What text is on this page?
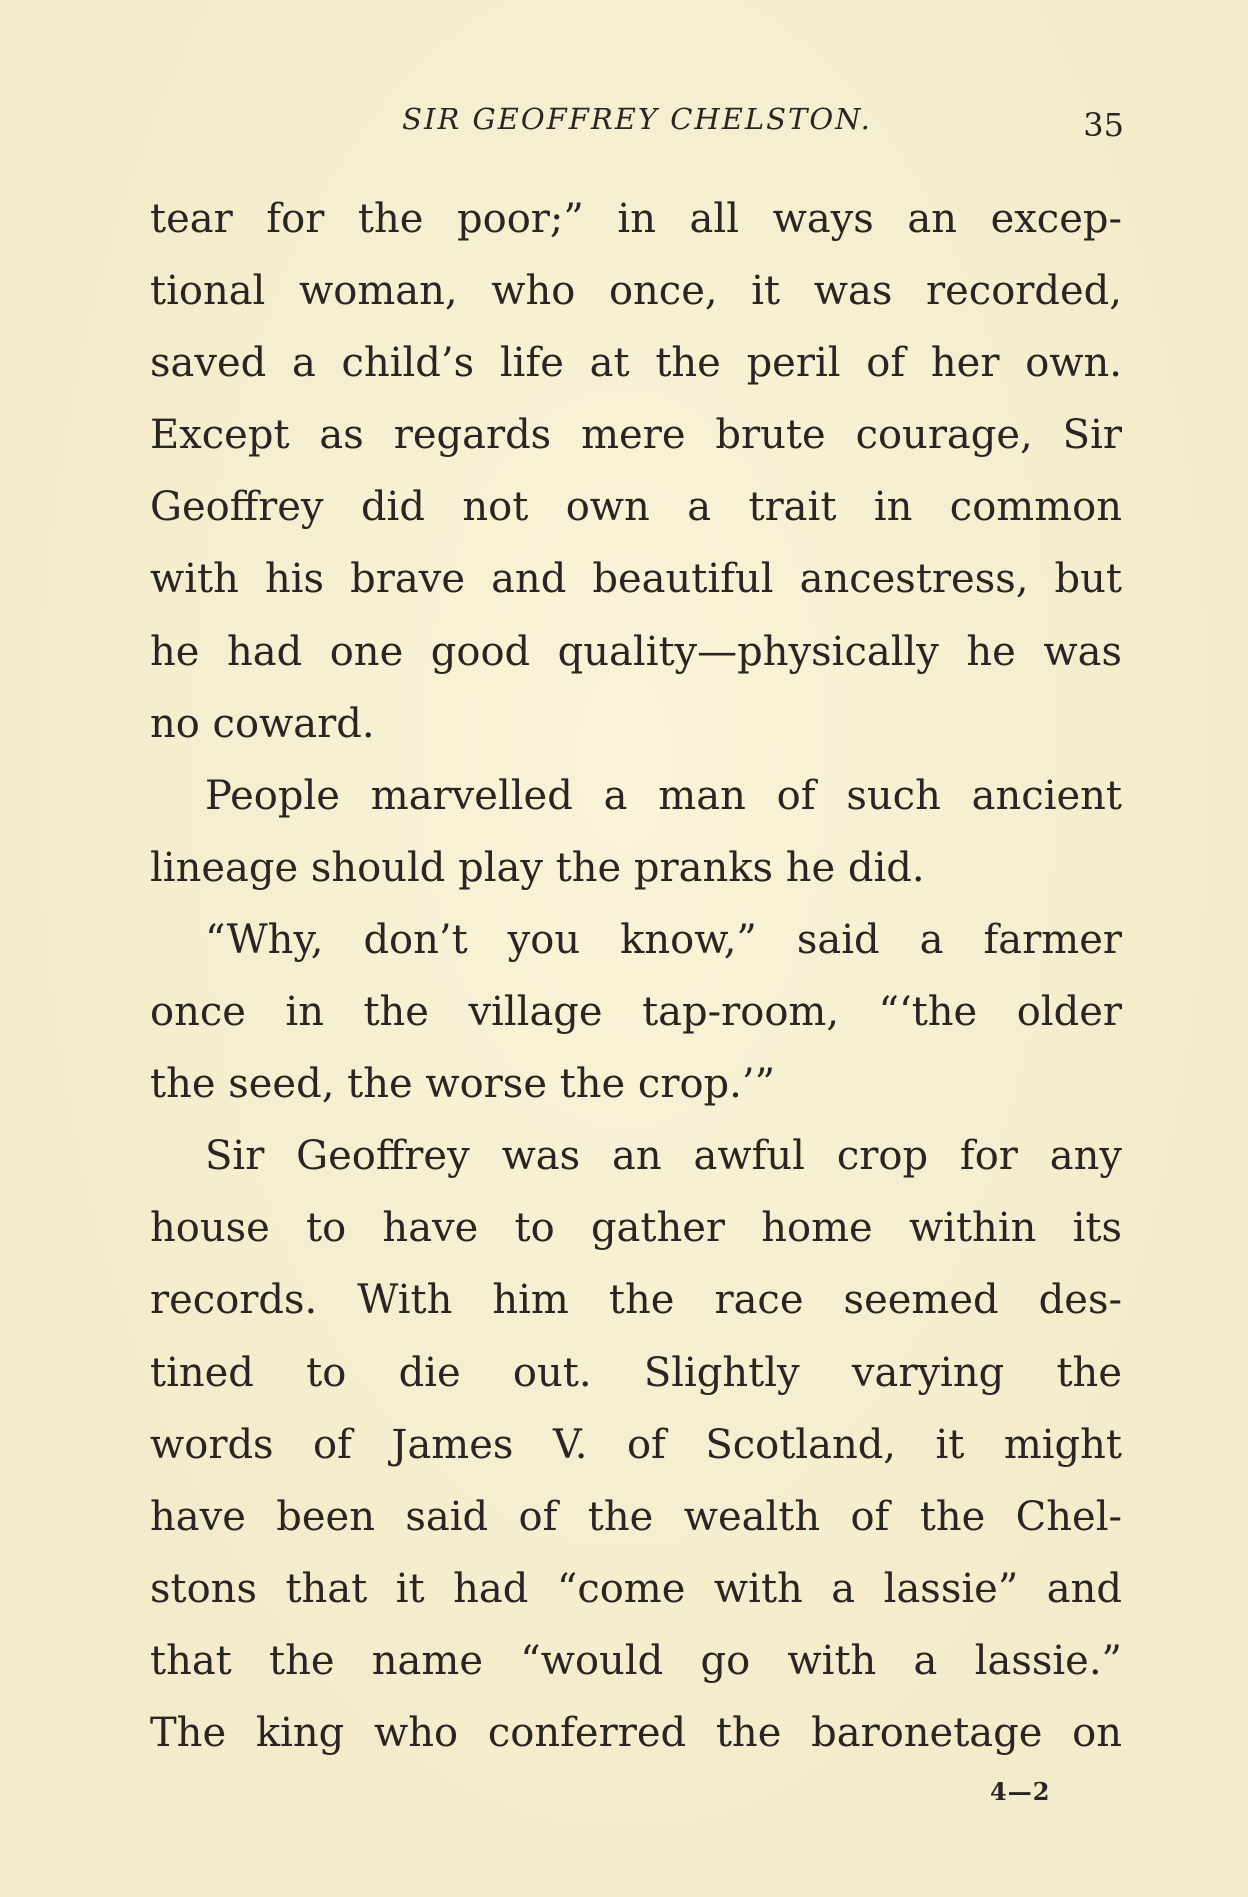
SIR GEOFFREY CHELSTON.	35
tear for the poor;” in all ways an excep-
tional woman, who once, it was recorded,
saved a child’s life at the peril of her own.
Except as regards mere brute courage, Sir
Geoffrey did not own a trait in common
with his brave and beautiful ancestress, but
he had one good quality—physically he was
no coward.
People marvelled a man of such ancient
lineage should play the pranks he did.
“Why, don’t you know,” said a farmer
once in the village tap-room, “‘the older
the seed, the worse the crop.’”
Sir Geoffrey was an awful crop for any
house to have to gather home within its
records. With him the race seemed des-
tined to die out. Slightly varying the
words of James V. of Scotland, it might
have been said of the wealth of the Chel-
stons that it had “come with a lassie” and
that the name “would go with a lassie.”
The king who conferred the baronetage on
4—2
